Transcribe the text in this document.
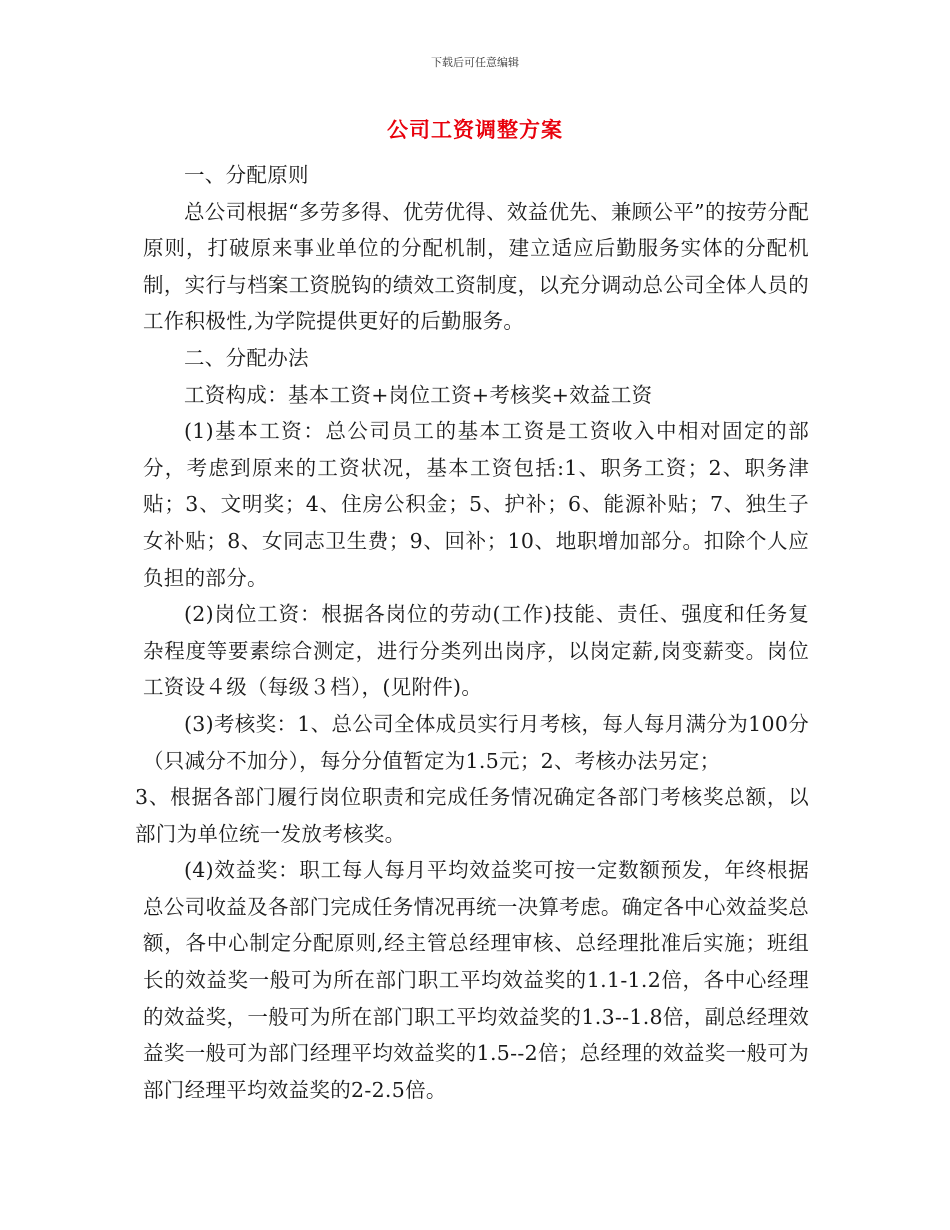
下载后可任意编辑
公司工资调整方案

一、分配原则

总公司根据“多劳多得、优劳优得、效益优先、兼顾公平”的按劳分配原则，打破原来事业单位的分配机制，建立适应后勤服务实体的分配机制，实行与档案工资脱钩的绩效工资制度，以充分调动总公司全体人员的工作积极性,为学院提供更好的后勤服务。

二、分配办法

工资构成：基本工资+岗位工资+考核奖+效益工资

(1)基本工资：总公司员工的基本工资是工资收入中相对固定的部分，考虑到原来的工资状况，基本工资包括:1、职务工资；2、职务津贴；3、文明奖；4、住房公积金；5、护补；6、能源补贴；7、独生子女补贴；8、女同志卫生费；9、回补；10、地职增加部分。扣除个人应负担的部分。

(2)岗位工资：根据各岗位的劳动(工作)技能、责任、强度和任务复杂程度等要素综合测定，进行分类列出岗序，以岗定薪,岗变薪变。岗位工资设４级（每级３档），(见附件)。

(3)考核奖：1、总公司全体成员实行月考核，每人每月满分为100分（只减分不加分），每分分值暂定为1.5元；2、考核办法另定；

3、根据各部门履行岗位职责和完成任务情况确定各部门考核奖总额，以部门为单位统一发放考核奖。

(4)效益奖：职工每人每月平均效益奖可按一定数额预发，年终根据总公司收益及各部门完成任务情况再统一决算考虑。确定各中心效益奖总额，各中心制定分配原则,经主管总经理审核、总经理批准后实施；班组长的效益奖一般可为所在部门职工平均效益奖的1.1-1.2倍，各中心经理的效益奖，一般可为所在部门职工平均效益奖的1.3--1.8倍，副总经理效益奖一般可为部门经理平均效益奖的1.5--2倍；总经理的效益奖一般可为部门经理平均效益奖的2-2.5倍。
